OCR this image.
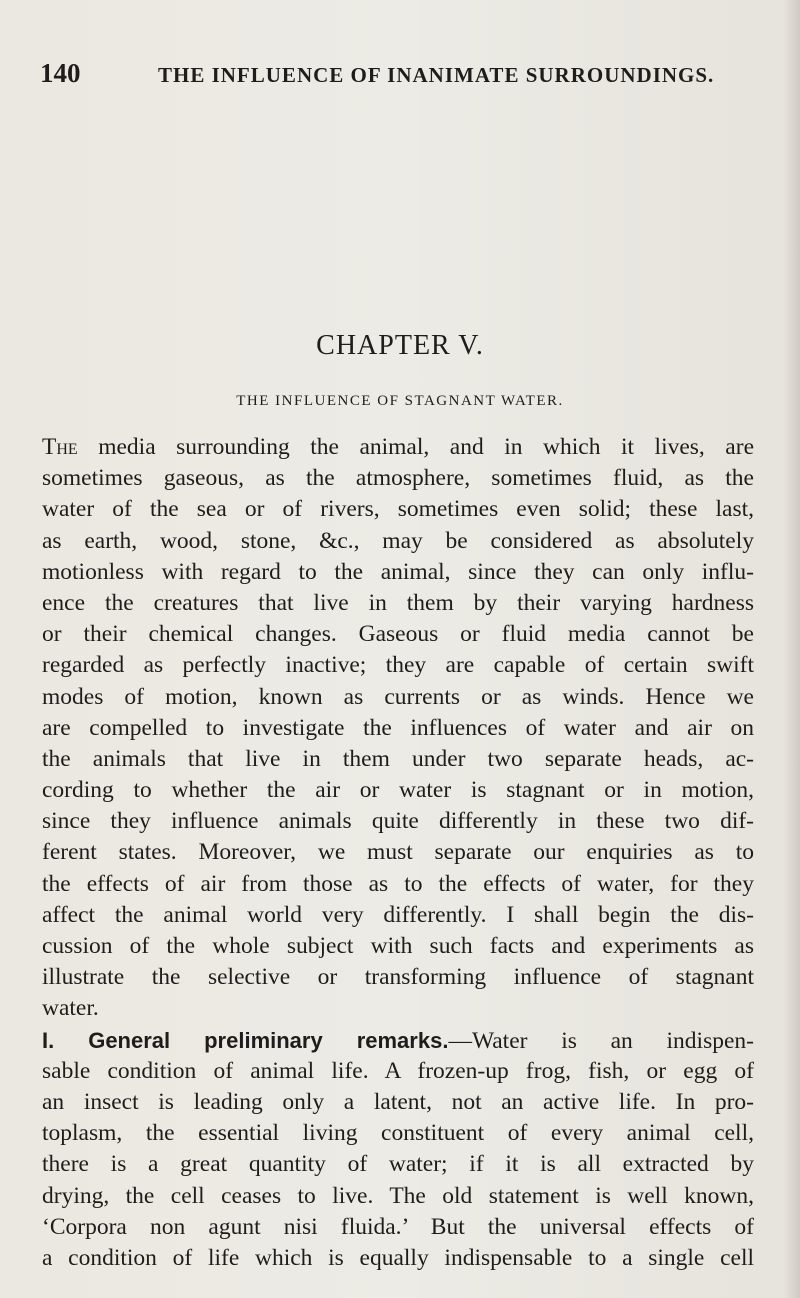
140	THE INFLUENCE OF INANIMATE SURROUNDINGS.
CHAPTER V.
THE INFLUENCE OF STAGNANT WATER.
The media surrounding the animal, and in which it lives, are
sometimes gaseous, as the atmosphere, sometimes fluid, as the
water of the sea or of rivers, sometimes even solid; these last,
as earth, wood, stone, &c., may be considered as absolutely
motionless with regard to the animal, since they can only influ-
ence the creatures that live in them by their varying hardness
or their chemical changes. Gaseous or fluid media cannot be
regarded as perfectly inactive; they are capable of certain swift
modes of motion, known as currents or as winds. Hence we
are compelled to investigate the influences of water and air on
the animals that live in them under two separate heads, ac-
cording to whether the air or water is stagnant or in motion,
since they influence animals quite differently in these two dif-
ferent states. Moreover, we must separate our enquiries as to
the effects of air from those as to the effects of water, for they
affect the animal world very differently. I shall begin the dis-
cussion of the whole subject with such facts and experiments as
illustrate the selective or transforming influence of stagnant
water.
I. General preliminary remarks.—Water is an indispen-
sable condition of animal life. A frozen-up frog, fish, or egg of
an insect is leading only a latent, not an active life. In pro-
toplasm, the essential living constituent of every animal cell,
there is a great quantity of water; if it is all extracted by
drying, the cell ceases to live. The old statement is well known,
‘Corpora non agunt nisi fluida.’ But the universal effects of
a condition of life which is equally indispensable to a single cell
